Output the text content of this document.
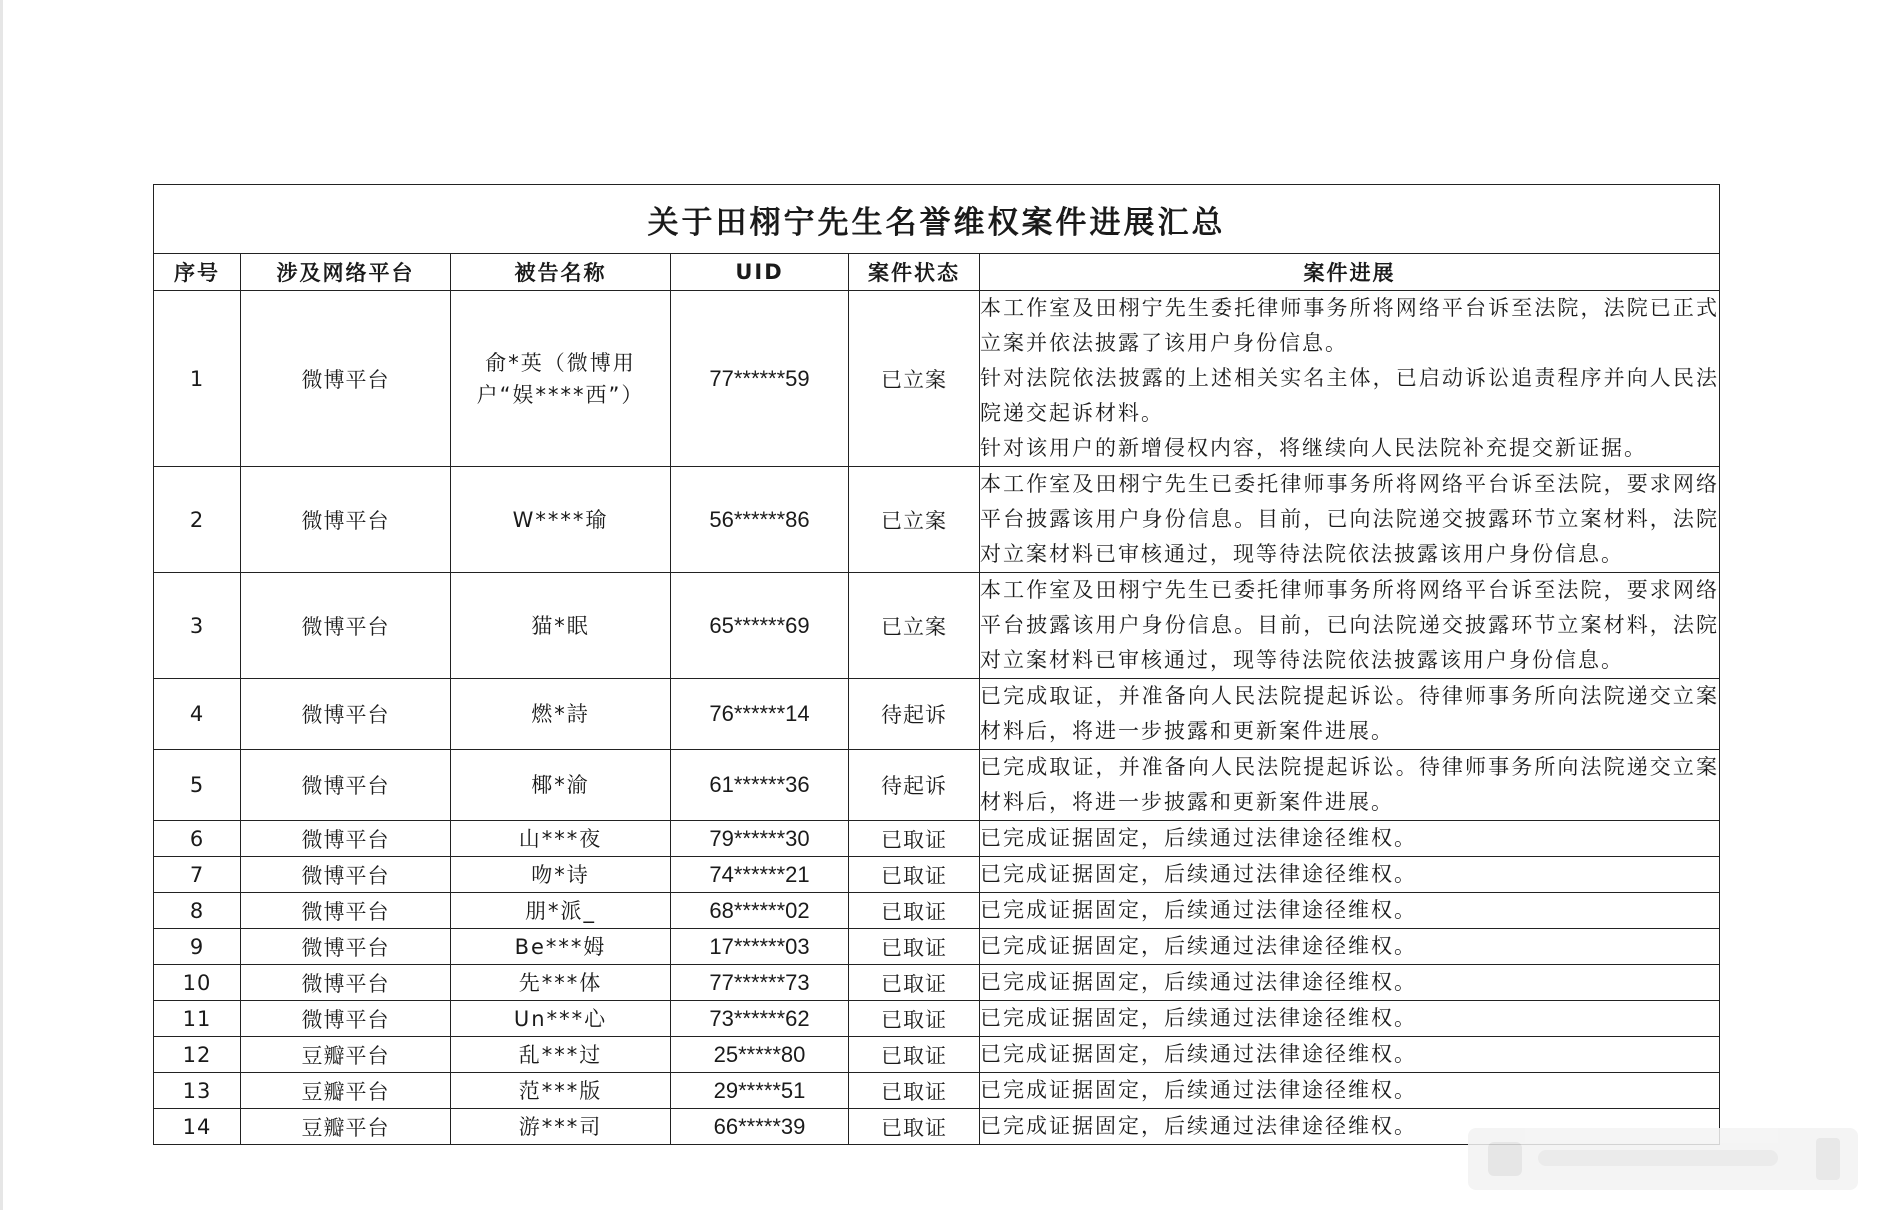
关于田栩宁先生名誉维权案件进展汇总					
序号	涉及网络平台	被告名称	UID	案件状态	案件进展
1	微博平台	俞*英（微博用户“娱****西”）	77******59	已立案	本工作室及田栩宁先生委托律师事务所将网络平台诉至法院，法院已正式立案并依法披露了该用户身份信息。
针对法院依法披露的上述相关实名主体，已启动诉讼追责程序并向人民法院递交起诉材料。
针对该用户的新增侵权内容，将继续向人民法院补充提交新证据。

2	微博平台	W****瑜	56******86	已立案	本工作室及田栩宁先生已委托律师事务所将网络平台诉至法院，要求网络平台披露该用户身份信息。目前，已向法院递交披露环节立案材料，法院对立案材料已审核通过，现等待法院依法披露该用户身份信息。

3	微博平台	猫*眠	65******69	已立案	本工作室及田栩宁先生已委托律师事务所将网络平台诉至法院，要求网络平台披露该用户身份信息。目前，已向法院递交披露环节立案材料，法院对立案材料已审核通过，现等待法院依法披露该用户身份信息。

4	微博平台	燃*詩	76******14	待起诉	已完成取证，并准备向人民法院提起诉讼。待律师事务所向法院递交立案材料后，将进一步披露和更新案件进展。

5	微博平台	椰*渝	61******36	待起诉	已完成取证，并准备向人民法院提起诉讼。待律师事务所向法院递交立案材料后，将进一步披露和更新案件进展。

6	微博平台	山***夜	79******30	已取证	已完成证据固定，后续通过法律途径维权。

7	微博平台	吻*诗	74******21	已取证	已完成证据固定，后续通过法律途径维权。

8	微博平台	朋*派_	68******02	已取证	已完成证据固定，后续通过法律途径维权。

9	微博平台	Be***姆	17******03	已取证	已完成证据固定，后续通过法律途径维权。

10	微博平台	先***体	77******73	已取证	已完成证据固定，后续通过法律途径维权。

11	微博平台	Un***心	73******62	已取证	已完成证据固定，后续通过法律途径维权。

12	豆瓣平台	乱***过	25*****80	已取证	已完成证据固定，后续通过法律途径维权。

13	豆瓣平台	范***版	29*****51	已取证	已完成证据固定，后续通过法律途径维权。

14	豆瓣平台	游***司	66*****39	已取证	已完成证据固定，后续通过法律途径维权。
